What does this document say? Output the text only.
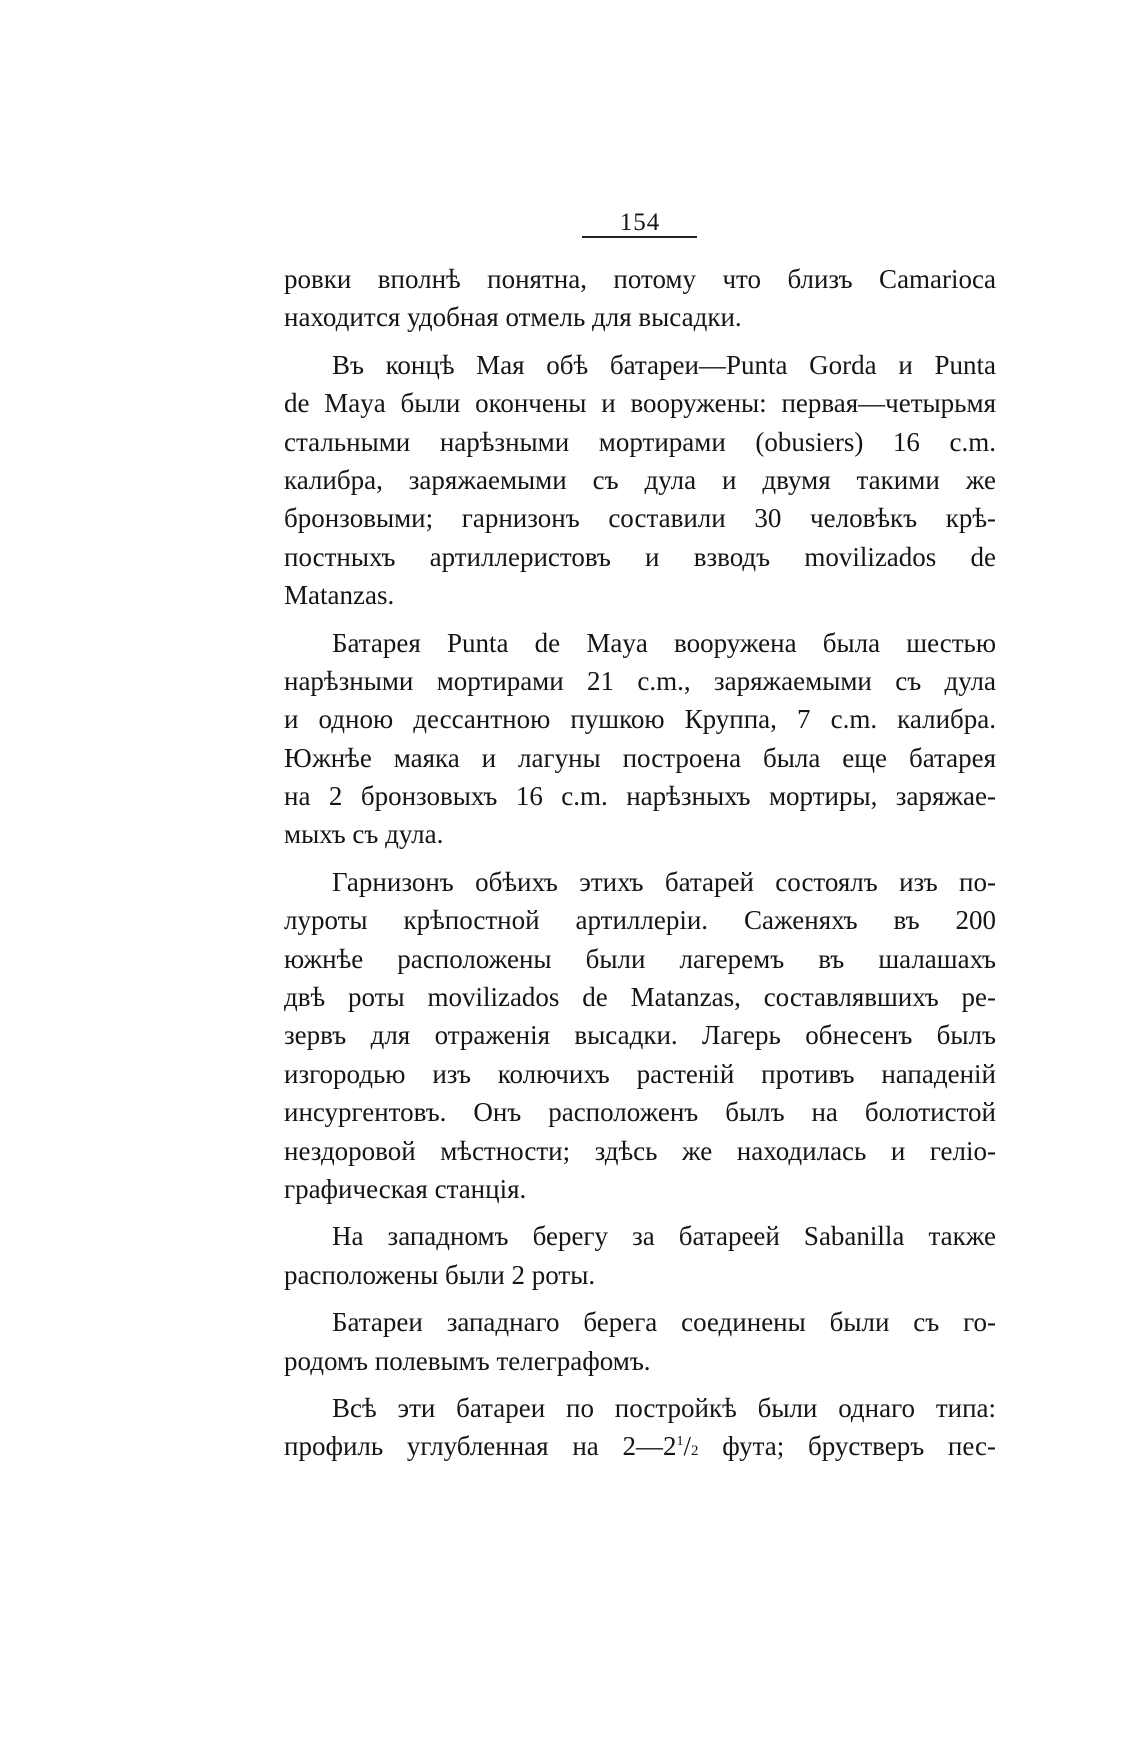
154
ровки вполнѣ понятна, потому что близъ Camarioca
находится удобная отмель для высадки.
Въ концѣ Мая обѣ батареи—Punta Gorda и Punta
de Maya были окончены и вооружены: первая—четырьмя
стальными нарѣзными мортирами (obusiers) 16 c.m.
калибра, заряжаемыми съ дула и двумя такими же
бронзовыми; гарнизонъ составили 30 человѣкъ крѣ-
постныхъ артиллеристовъ и взводъ movilizados de
Matanzas.
Батарея Punta de Maya вооружена была шестью
нарѣзными мортирами 21 c.m., заряжаемыми съ дула
и одною дессантною пушкою Круппа, 7 c.m. калибра.
Южнѣе маяка и лагуны построена была еще батарея
на 2 бронзовыхъ 16 c.m. нарѣзныхъ мортиры, заряжае-
мыхъ съ дула.
Гарнизонъ обѣихъ этихъ батарей состоялъ изъ по-
луроты крѣпостной артиллеріи. Саженяхъ въ 200
южнѣе расположены были лагеремъ въ шалашахъ
двѣ роты movilizados de Matanzas, составлявшихъ ре-
зервъ для отраженія высадки. Лагерь обнесенъ былъ
изгородью изъ колючихъ растеній противъ нападеній
инсургентовъ. Онъ расположенъ былъ на болотистой
нездоровой мѣстности; здѣсь же находилась и геліо-
графическая станція.
На западномъ берегу за батареей Sabanilla также
расположены были 2 роты.
Батареи западнаго берега соединены были съ го-
родомъ полевымъ телеграфомъ.
Всѣ эти батареи по постройкѣ были однаго типа:
профиль углубленная на $2—2^1/2$ фута; брустверъ пес-
